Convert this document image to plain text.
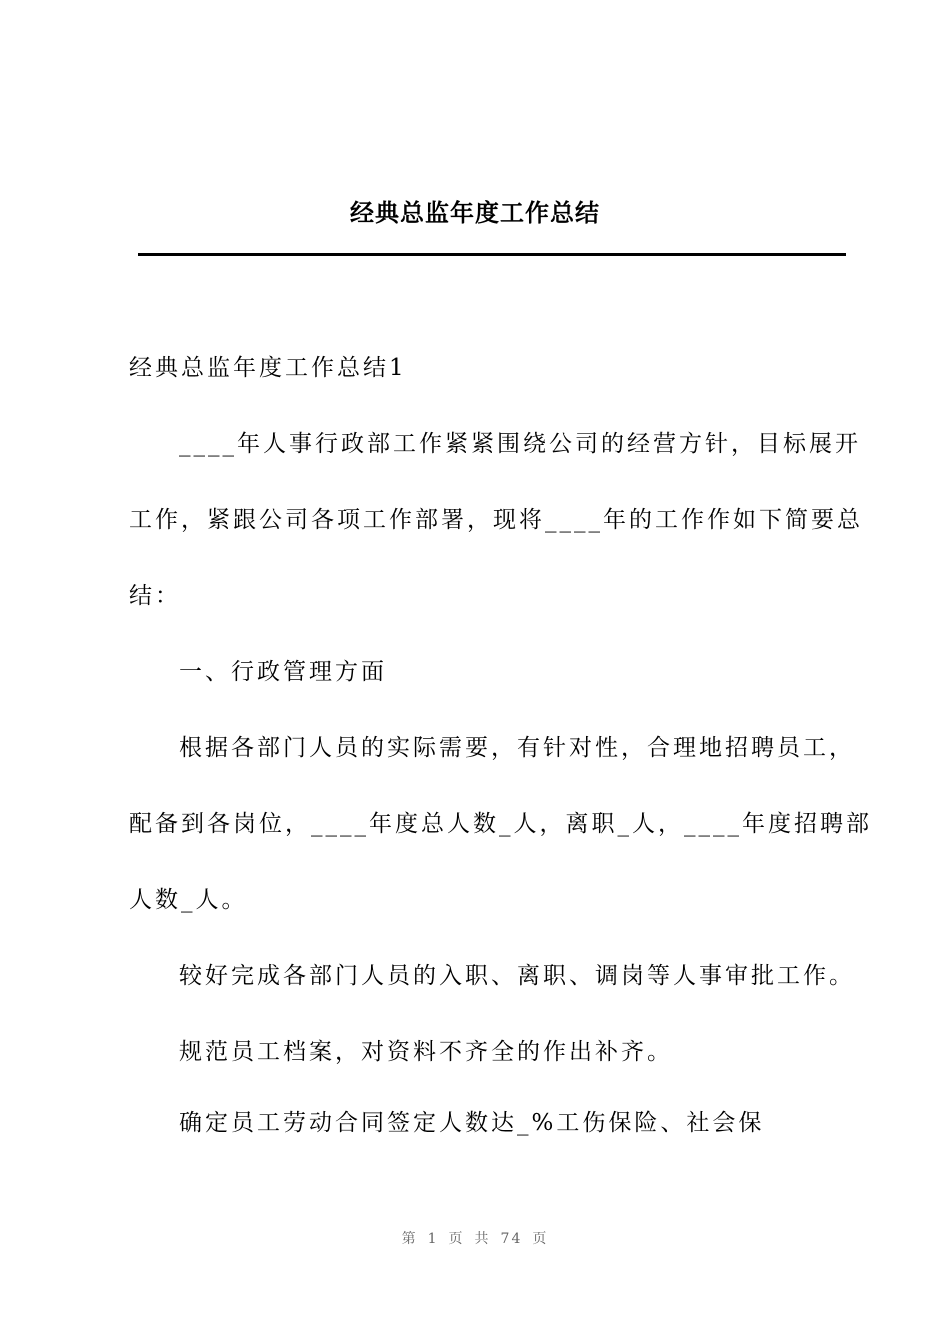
经典总监年度工作总结
经典总监年度工作总结1
____年人事行政部工作紧紧围绕公司的经营方针，目标展开
工作，紧跟公司各项工作部署，现将____年的工作作如下简要总
结：
一、行政管理方面
根据各部门人员的实际需要，有针对性，合理地招聘员工，
配备到各岗位，____年度总人数_人，离职_人，____年度招聘部
人数_人。
较好完成各部门人员的入职、离职、调岗等人事审批工作。
规范员工档案，对资料不齐全的作出补齐。
确定员工劳动合同签定人数达_%工伤保险、社会保
第 1 页 共 74 页
